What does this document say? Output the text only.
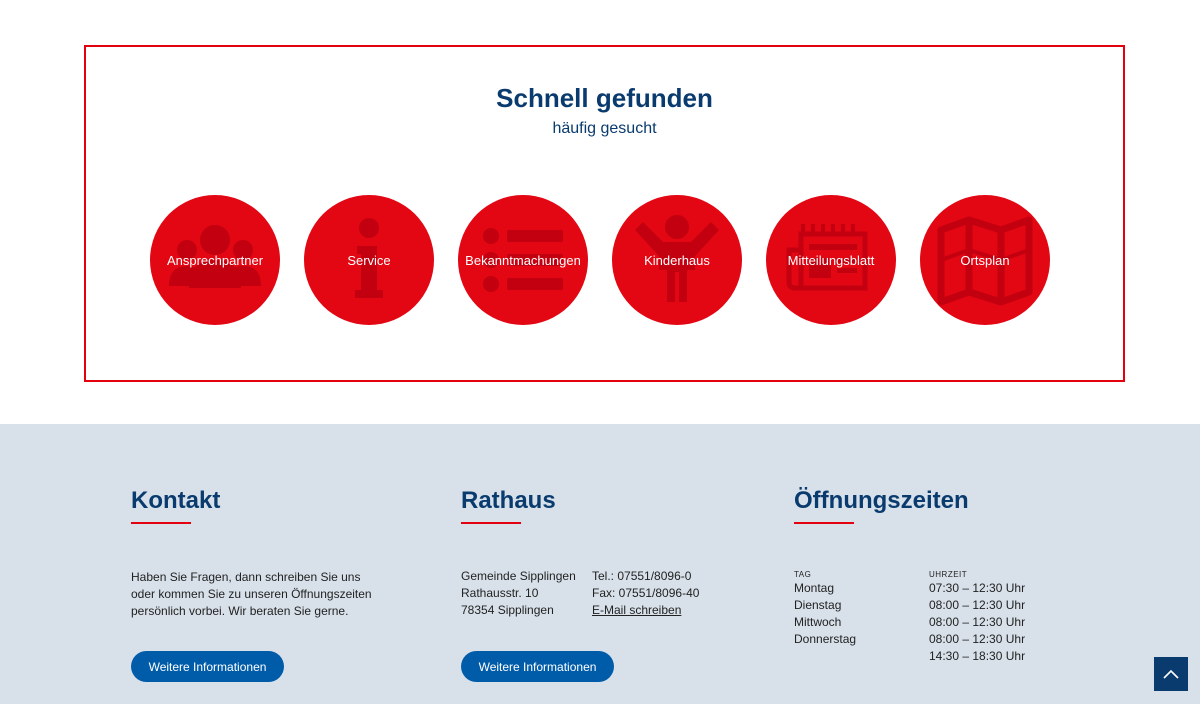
Schnell gefunden
häufig gesucht
Ansprechpartner	Service	Bekanntmachungen	Kinderhaus	Mitteilungsblatt	Ortsplan
Kontakt
Haben Sie Fragen, dann schreiben Sie uns
oder kommen Sie zu unseren Öffnungszeiten
persönlich vorbei. Wir beraten Sie gerne.
Weitere Informationen
Rathaus
Gemeinde Sipplingen
Rathausstr. 10
78354 Sipplingen
Tel.: 07551/8096-0
Fax: 07551/8096-40
E-Mail schreiben
Weitere Informationen
Öffnungszeiten
TAG	UHRZEIT
Montag	07:30 – 12:30 Uhr
Dienstag	08:00 – 12:30 Uhr
Mittwoch	08:00 – 12:30 Uhr
Donnerstag	08:00 – 12:30 Uhr
14:30 – 18:30 Uhr
